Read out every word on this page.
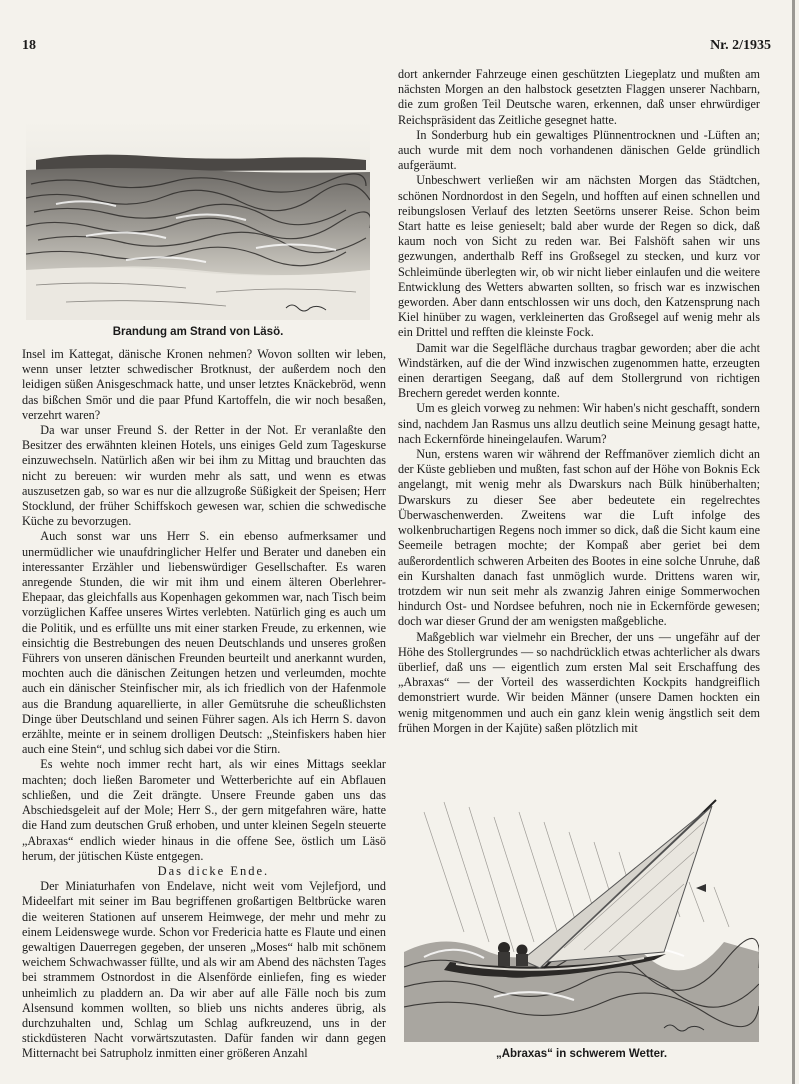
18	Nr. 2/1935
Brandung am Strand von Läsö.

Insel im Kattegat, dänische Kronen nehmen? Wovon sollten wir leben, wenn unser letzter schwedischer Brotknust, der außerdem noch den leidigen süßen Anisgeschmack hatte, und unser letztes Knäckebröd, wenn das bißchen Smör und die paar Pfund Kartoffeln, die wir noch besaßen, verzehrt waren?

Da war unser Freund S. der Retter in der Not. Er veranlaßte den Besitzer des erwähnten kleinen Hotels, uns einiges Geld zum Tageskurse einzuwechseln. Natürlich aßen wir bei ihm zu Mittag und brauchten das nicht zu bereuen: wir wurden mehr als satt, und wenn es etwas auszusetzen gab, so war es nur die allzugroße Süßigkeit der Speisen; Herr Stocklund, der früher Schiffskoch gewesen war, schien die schwedische Küche zu bevorzugen.

Auch sonst war uns Herr S. ein ebenso aufmerksamer und unermüdlicher wie unaufdringlicher Helfer und Berater und daneben ein interessanter Erzähler und liebenswürdiger Gesellschafter. Es waren anregende Stunden, die wir mit ihm und einem älteren Oberlehrer-Ehepaar, das gleichfalls aus Kopenhagen gekommen war, nach Tisch beim vorzüglichen Kaffee unseres Wirtes verlebten. Natürlich ging es auch um die Politik, und es erfüllte uns mit einer starken Freude, zu erkennen, wie einsichtig die Bestrebungen des neuen Deutschlands und unseres großen Führers von unseren dänischen Freunden beurteilt und anerkannt wurden, mochten auch die dänischen Zeitungen hetzen und verleumden, mochte auch ein dänischer Steinfischer mir, als ich friedlich von der Hafenmole aus die Brandung aquarellierte, in aller Gemütsruhe die scheußlichsten Dinge über Deutschland und seinen Führer sagen. Als ich Herrn S. davon erzählte, meinte er in seinem drolligen Deutsch: „Steinfiskers haben hier auch eine Stein“, und schlug sich dabei vor die Stirn.

Es wehte noch immer recht hart, als wir eines Mittags seeklar machten; doch ließen Barometer und Wetterberichte auf ein Abflauen schließen, und die Zeit drängte. Unsere Freunde gaben uns das Abschiedsgeleit auf der Mole; Herr S., der gern mitgefahren wäre, hatte die Hand zum deutschen Gruß erhoben, und unter kleinen Segeln steuerte „Abraxas“ endlich wieder hinaus in die offene See, östlich um Läsö herum, der jütischen Küste entgegen.

Das dicke Ende.

Der Miniaturhafen von Endelave, nicht weit vom Vejlefjord, und Mideelfart mit seiner im Bau begriffenen großartigen Beltbrücke waren die weiteren Stationen auf unserem Heimwege, der mehr und mehr zu einem Leidenswege wurde. Schon vor Fredericia hatte es Flaute und einen gewaltigen Dauerregen gegeben, der unseren „Moses“ halb mit schönem weichem Schwachwasser füllte, und als wir am Abend des nächsten Tages bei strammem Ostnordost in die Alsenförde einliefen, fing es wieder unheimlich zu pladdern an. Da wir aber auf alle Fälle noch bis zum Alsensund kommen wollten, so blieb uns nichts anderes übrig, als durchzuhalten und, Schlag um Schlag aufkreuzend, uns in der stickdüsteren Nacht vorwärtszutasten. Dafür fanden wir dann gegen Mitternacht bei Satrupholz inmitten einer größeren Anzahl

dort ankernder Fahrzeuge einen geschützten Liegeplatz und mußten am nächsten Morgen an den halbstock gesetzten Flaggen unserer Nachbarn, die zum großen Teil Deutsche waren, erkennen, daß unser ehrwürdiger Reichspräsident das Zeitliche gesegnet hatte.

In Sonderburg hub ein gewaltiges Plünnentrocknen und -Lüften an; auch wurde mit dem noch vorhandenen dänischen Gelde gründlich aufgeräumt.

Unbeschwert verließen wir am nächsten Morgen das Städtchen, schönen Nordnordost in den Segeln, und hofften auf einen schnellen und reibungslosen Verlauf des letzten Seetörns unserer Reise. Schon beim Start hatte es leise genieselt; bald aber wurde der Regen so dick, daß kaum noch von Sicht zu reden war. Bei Falshöft sahen wir uns gezwungen, anderthalb Reff ins Großsegel zu stecken, und kurz vor Schleimünde überlegten wir, ob wir nicht lieber einlaufen und die weitere Entwicklung des Wetters abwarten sollten, so frisch war es inzwischen geworden. Aber dann entschlossen wir uns doch, den Katzensprung nach Kiel hinüber zu wagen, verkleinerten das Großsegel auf wenig mehr als ein Drittel und refften die kleinste Fock.

Damit war die Segelfläche durchaus tragbar geworden; aber die acht Windstärken, auf die der Wind inzwischen zugenommen hatte, erzeugten einen derartigen Seegang, daß auf dem Stollergrund von richtigen Brechern geredet werden konnte.

Um es gleich vorweg zu nehmen: Wir haben's nicht geschafft, sondern sind, nachdem Jan Rasmus uns allzu deutlich seine Meinung gesagt hatte, nach Eckernförde hineingelaufen. Warum?

Nun, erstens waren wir während der Reffmanöver ziemlich dicht an der Küste geblieben und mußten, fast schon auf der Höhe von Boknis Eck angelangt, mit wenig mehr als Dwarskurs nach Bülk hinüberhalten; Dwarskurs zu dieser See aber bedeutete ein regelrechtes Überwaschenwerden. Zweitens war die Luft infolge des wolkenbruchartigen Regens noch immer so dick, daß die Sicht kaum eine Seemeile betragen mochte; der Kompaß aber geriet bei dem außerordentlich schweren Arbeiten des Bootes in eine solche Unruhe, daß ein Kurshalten danach fast unmöglich wurde. Drittens waren wir, trotzdem wir nun seit mehr als zwanzig Jahren einige Sommerwochen hindurch Ost- und Nordsee befuhren, noch nie in Eckernförde gewesen; doch war dieser Grund der am wenigsten maßgebliche.

Maßgeblich war vielmehr ein Brecher, der uns — ungefähr auf der Höhe des Stollergrundes — so nachdrücklich etwas achterlicher als dwars überlief, daß uns — eigentlich zum ersten Mal seit Erschaffung des „Abraxas“ — der Vorteil des wasserdichten Kockpits handgreiflich demonstriert wurde. Wir beiden Männer (unsere Damen hockten ein wenig mitgenommen und auch ein ganz klein wenig ängstlich seit dem frühen Morgen in der Kajüte) saßen plötzlich mit

„Abraxas“ in schwerem Wetter.
